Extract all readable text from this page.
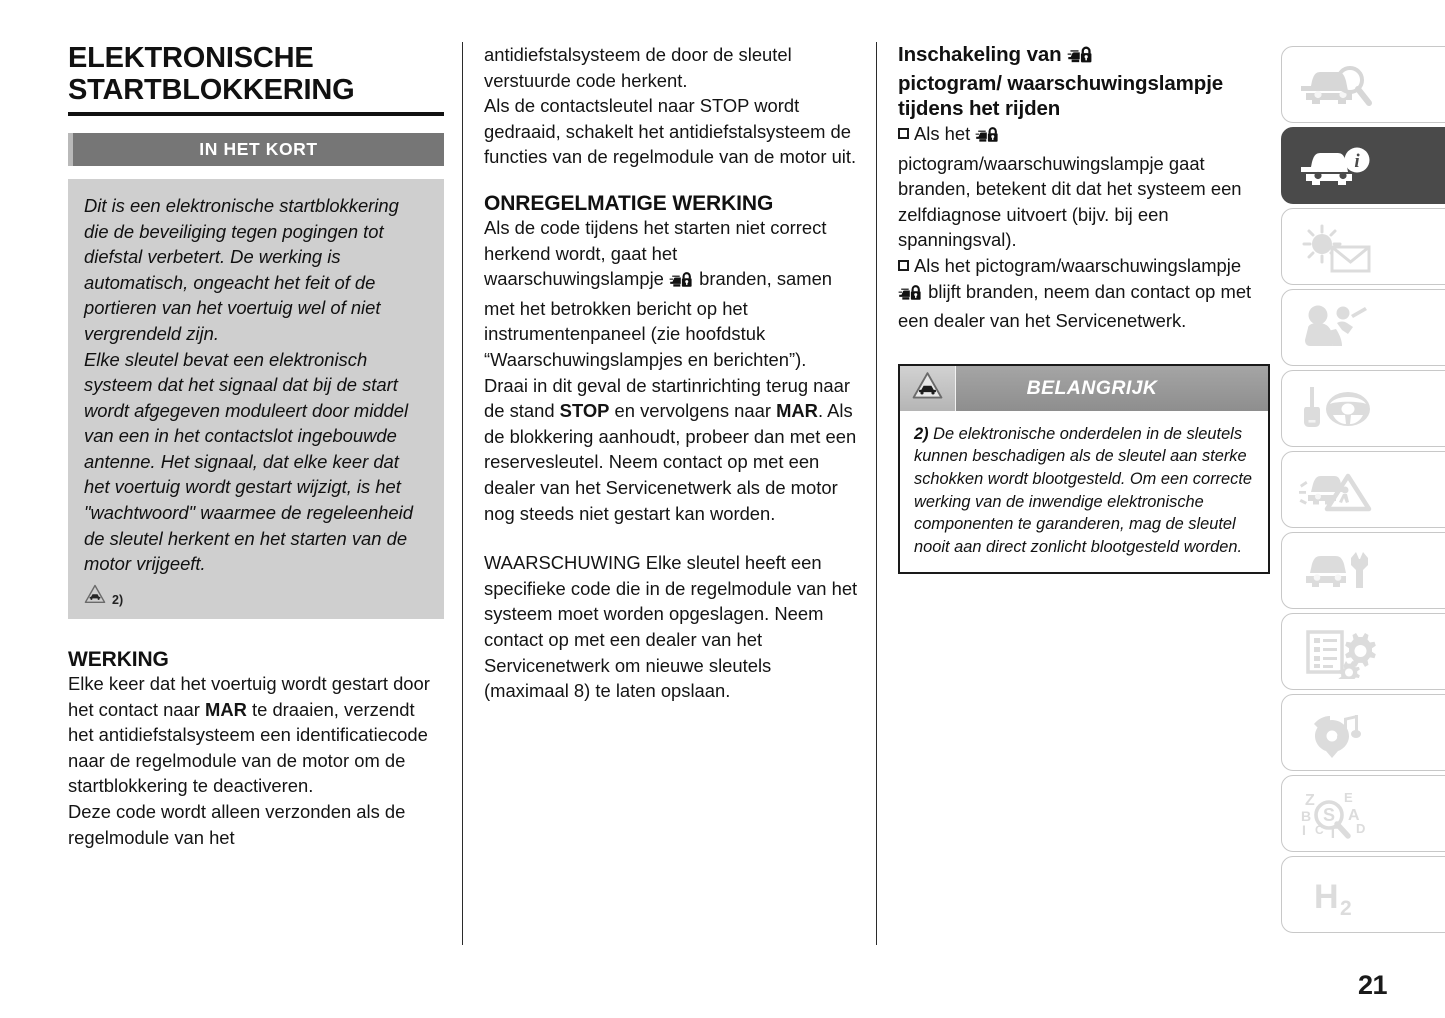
ELEKTRONISCHE STARTBLOKKERING
IN HET KORT

Dit is een elektronische startblokkering die de beveiliging tegen pogingen tot diefstal verbetert. De werking is automatisch, ongeacht het feit of de portieren van het voertuig wel of niet vergrendeld zijn.

Elke sleutel bevat een elektronisch systeem dat het signaal dat bij de start wordt afgegeven moduleert door middel van een in het contactslot ingebouwde antenne. Het signaal, dat elke keer dat het voertuig wordt gestart wijzigt, is het "wachtwoord" waarmee de regeleenheid de sleutel herkent en het starten van de motor vrijgeeft.

2)
WERKING

Elke keer dat het voertuig wordt gestart door het contact naar MAR te draaien, verzendt het antidiefstalsysteem een identificatiecode naar de regelmodule van de motor om de startblokkering te deactiveren.

Deze code wordt alleen verzonden als de regelmodule van het

antidiefstalsysteem de door de sleutel verstuurde code herkent.

Als de contactsleutel naar STOP wordt gedraaid, schakelt het antidiefstalsysteem de functies van de regelmodule van de motor uit.

ONREGELMATIGE WERKING

Als de code tijdens het starten niet correct herkend wordt, gaat het waarschuwingslampje  branden, samen met het betrokken bericht op het instrumentenpaneel (zie hoofdstuk “Waarschuwingslampjes en berichten”).

Draai in dit geval de startinrichting terug naar de stand STOP en vervolgens naar MAR. Als de blokkering aanhoudt, probeer dan met een reservesleutel. Neem contact op met een dealer van het Servicenetwerk als de motor nog steeds niet gestart kan worden.

WAARSCHUWING Elke sleutel heeft een specifieke code die in de regelmodule van het systeem moet worden opgeslagen. Neem contact op met een dealer van het Servicenetwerk om nieuwe sleutels (maximaal 8) te laten opslaan.

Inschakeling van
pictogram/ waarschuwingslampje tijdens het rijden

Als het
pictogram/waarschuwingslampje gaat branden, betekent dit dat het systeem een zelfdiagnose uitvoert (bijv. bij een spanningsval).

Als het pictogram/waarschuwingslampje  blijft branden, neem dan contact op met een dealer van het Servicenetwerk.

BELANGRIJK

2) De elektronische onderdelen in de sleutels kunnen beschadigen als de sleutel aan sterke schokken wordt blootgesteld. Om een correcte werking van de inwendige elektronische componenten te garanderen, mag de sleutel nooit aan direct zonlicht blootgesteld worden.

i
Z
B
I C T
E
A
D
S
H 2
21
